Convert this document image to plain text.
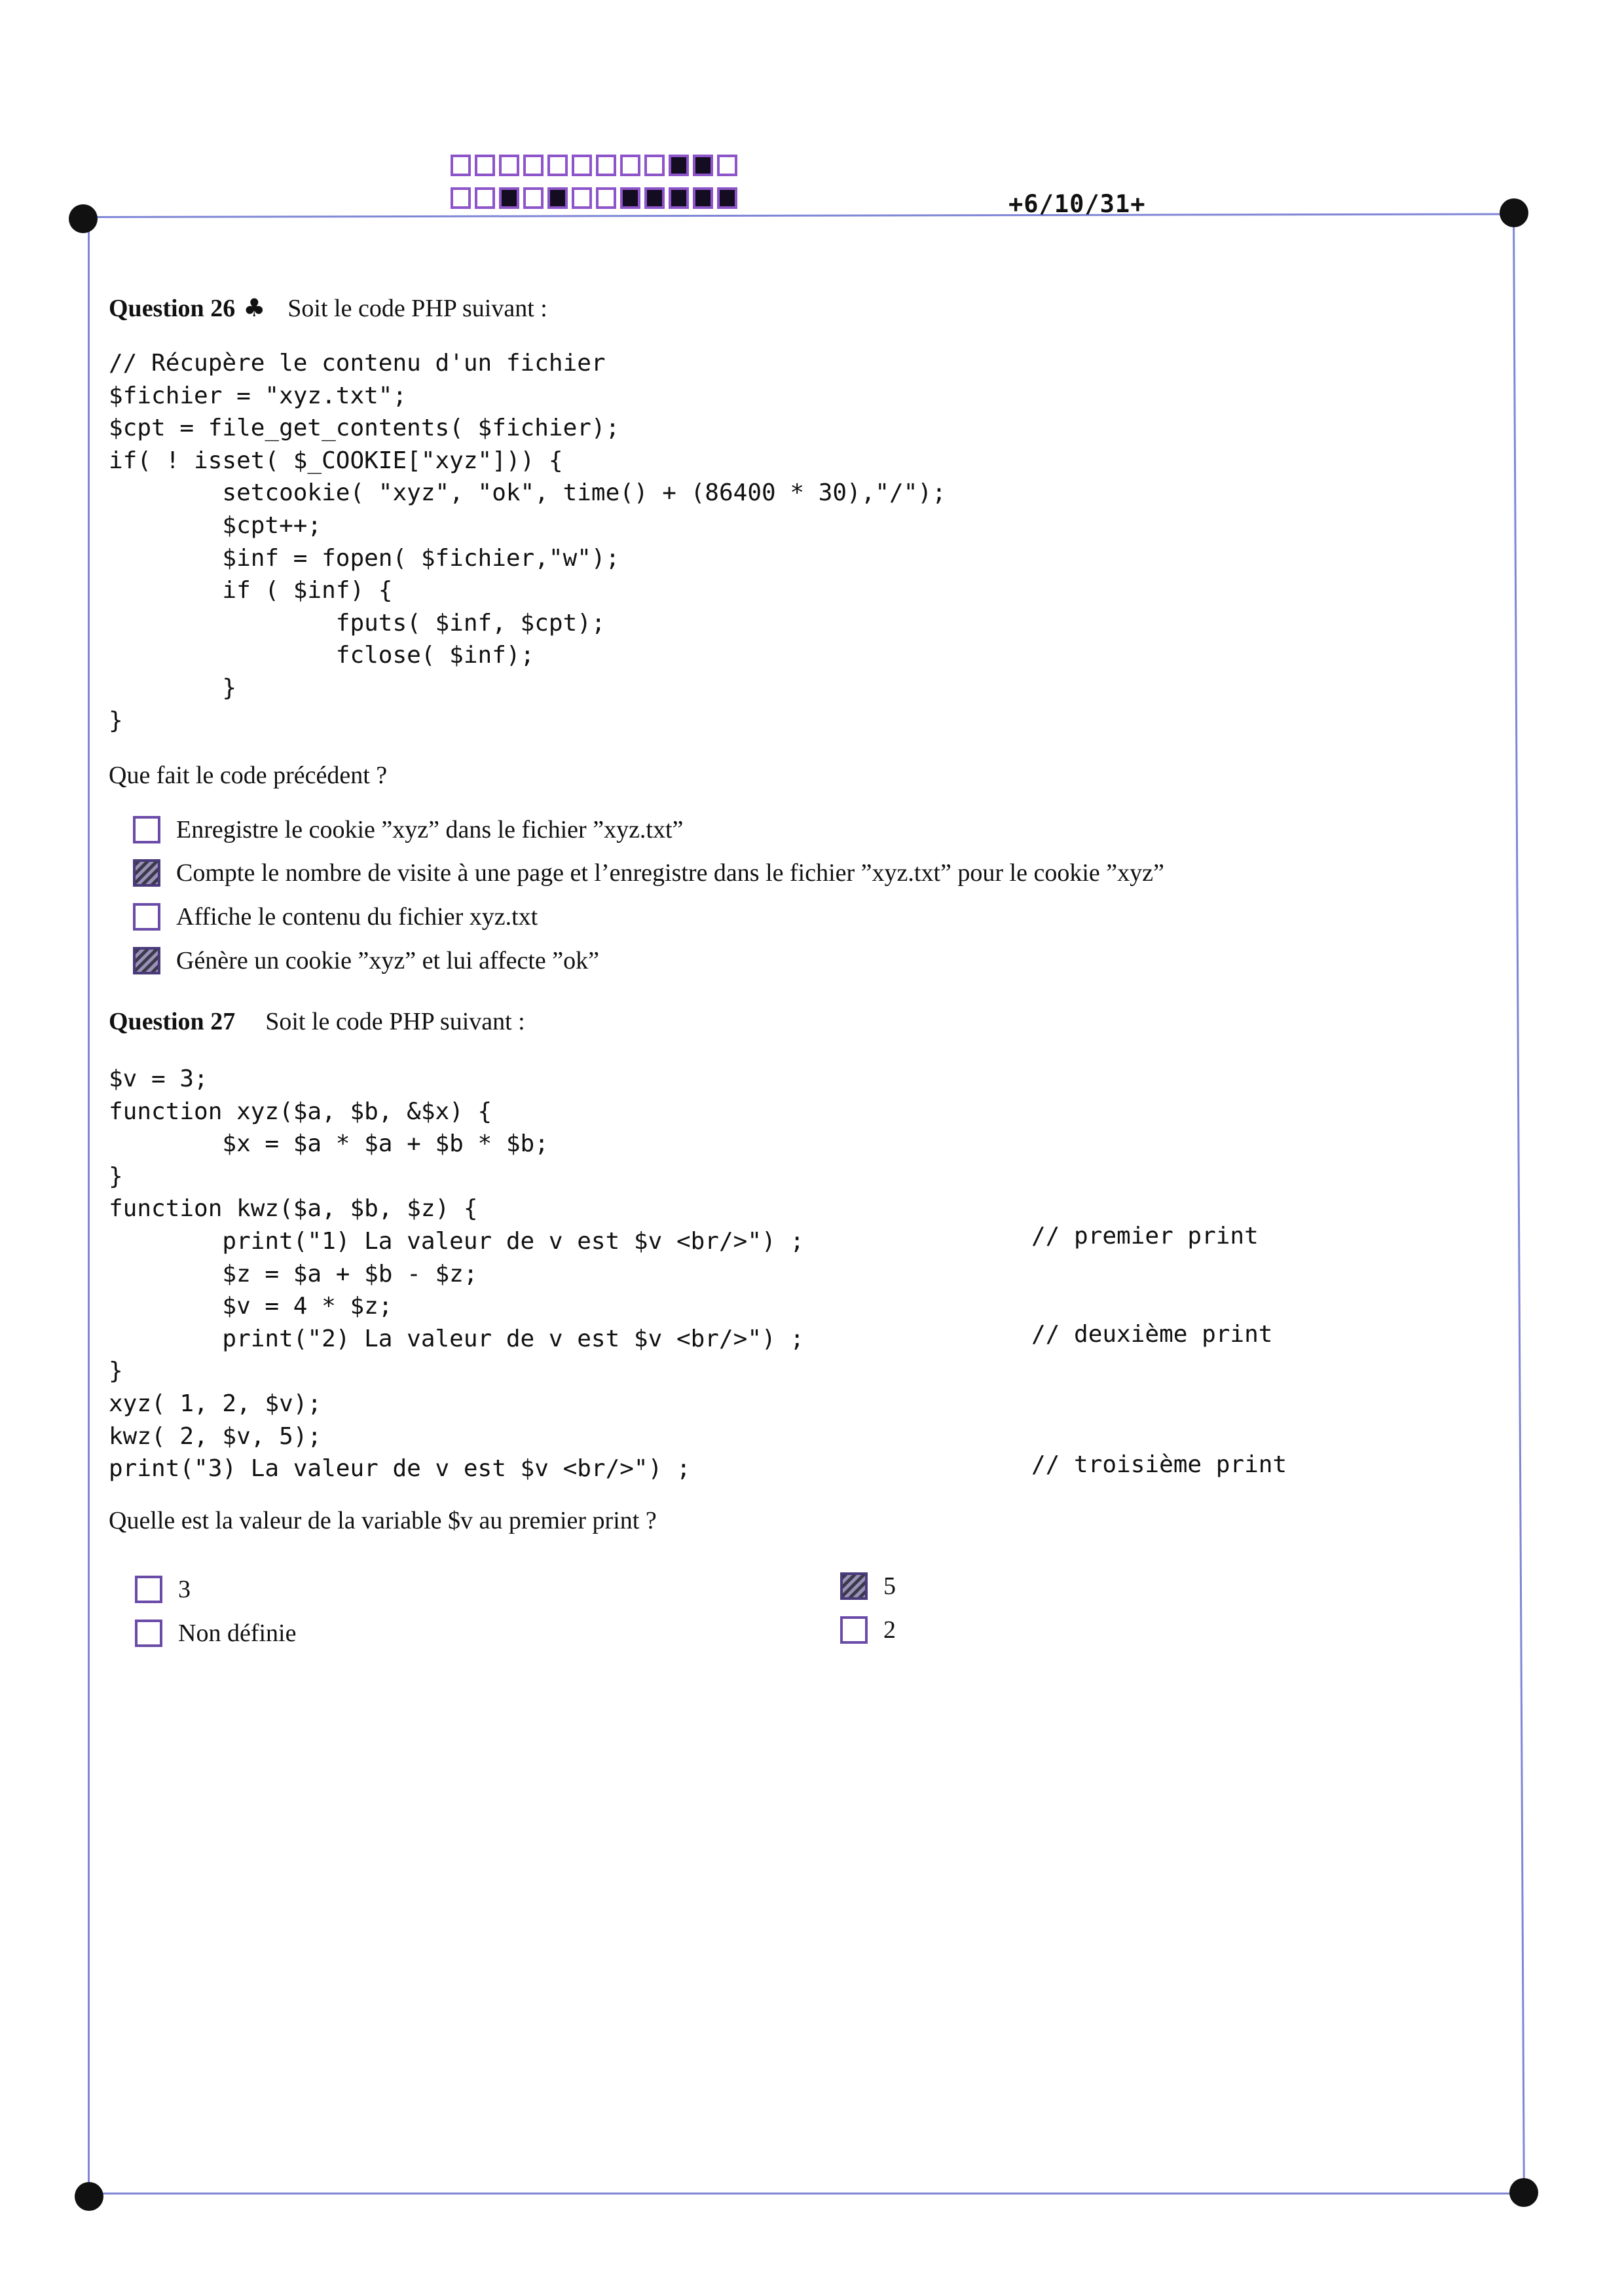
+6/10/31+
Question 26 ♣ Soit le code PHP suivant :
// Récupère le contenu d'un fichier
$fichier = "xyz.txt";
$cpt = file_get_contents( $fichier);
if( ! isset( $_COOKIE["xyz"])) {
setcookie( "xyz", "ok", time() + (86400 * 30),"/");
$cpt++;
$inf = fopen( $fichier,"w");
if ( $inf) {
fputs( $inf, $cpt);
fclose( $inf);
}
}
Que fait le code précédent ?
Enregistre le cookie ”xyz” dans le fichier ”xyz.txt”
Compte le nombre de visite à une page et l’enregistre dans le fichier ”xyz.txt” pour le cookie ”xyz”
Affiche le contenu du fichier xyz.txt
Génère un cookie ”xyz” et lui affecte ”ok”
Question 27 Soit le code PHP suivant :
$v = 3;
function xyz($a, $b, &$x) {
$x = $a * $a + $b * $b;
}
function kwz($a, $b, $z) {
print("1) La valeur de v est $v <br/>") ;
$z = $a + $b - $z;
$v = 4 * $z;
print("2) La valeur de v est $v <br/>") ;
}
xyz( 1, 2, $v);
kwz( 2, $v, 5);
print("3) La valeur de v est $v <br/>") ;
// premier print
// deuxième print
// troisième print
Quelle est la valeur de la variable $v au premier print ?
3	5
Non définie	2
